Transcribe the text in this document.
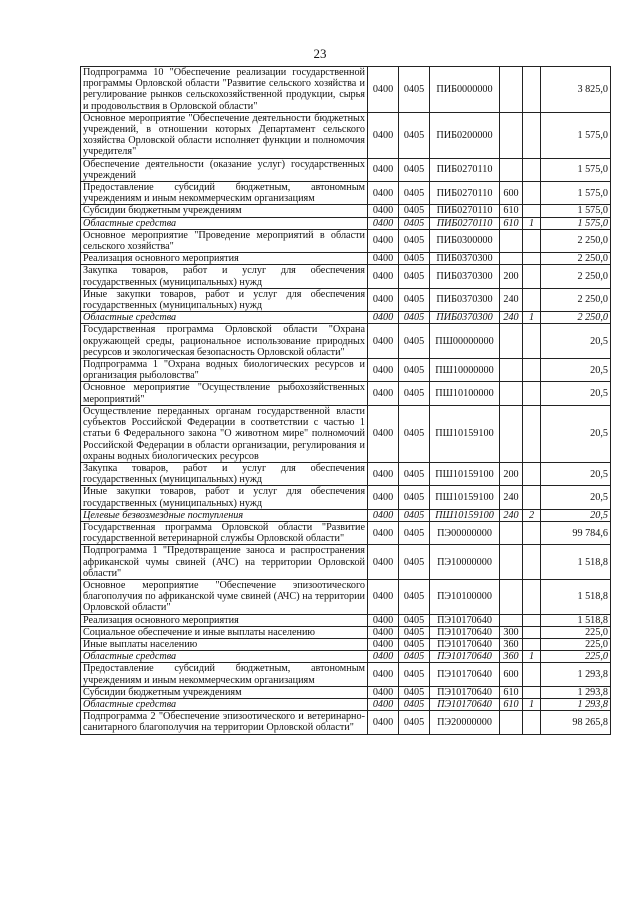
23
Подпрограмма 10 "Обеспечение реализации государственной программы Орловской области "Развитие сельского хозяйства и регулирование рынков сельскохозяйственной продукции, сырья и продовольствия в Орловской области"	0400	0405	ПИБ0000000			3 825,0
Основное мероприятие "Обеспечение деятельности бюджетных учреждений, в отношении которых Департамент сельского хозяйства Орловской области исполняет функции и полномочия учредителя"	0400	0405	ПИБ0200000			1 575,0
Обеспечение деятельности (оказание услуг) государственных учреждений	0400	0405	ПИБ0270110			1 575,0
Предоставление субсидий бюджетным, автономным учреждениям и иным некоммерческим организациям	0400	0405	ПИБ0270110	600		1 575,0
Субсидии бюджетным учреждениям	0400	0405	ПИБ0270110	610		1 575,0
Областные средства	0400	0405	ПИБ0270110	610	1	1 575,0
Основное мероприятие "Проведение мероприятий в области сельского хозяйства"	0400	0405	ПИБ0300000			2 250,0
Реализация основного мероприятия	0400	0405	ПИБ0370300			2 250,0
Закупка товаров, работ и услуг для обеспечения государственных (муниципальных) нужд	0400	0405	ПИБ0370300	200		2 250,0
Иные закупки товаров, работ и услуг для обеспечения государственных (муниципальных) нужд	0400	0405	ПИБ0370300	240		2 250,0
Областные средства	0400	0405	ПИБ0370300	240	1	2 250,0
Государственная программа Орловской области "Охрана окружающей среды, рациональное использование природных ресурсов и экологическая безопасность Орловской области"	0400	0405	ПШ00000000			20,5
Подпрограмма 1 "Охрана водных биологических ресурсов и организация рыболовства"	0400	0405	ПШ10000000			20,5
Основное мероприятие "Осуществление рыбохозяйственных мероприятий"	0400	0405	ПШ10100000			20,5
Осуществление переданных органам государственной власти субъектов Российской Федерации в соответствии с частью 1 статьи 6 Федерального закона "О животном мире" полномочий Российской Федерации в области организации, регулирования и охраны водных биологических ресурсов	0400	0405	ПШ10159100			20,5
Закупка товаров, работ и услуг для обеспечения государственных (муниципальных) нужд	0400	0405	ПШ10159100	200		20,5
Иные закупки товаров, работ и услуг для обеспечения государственных (муниципальных) нужд	0400	0405	ПШ10159100	240		20,5
Целевые безвозмездные поступления	0400	0405	ПШ10159100	240	2	20,5
Государственная программа Орловской области "Развитие государственной ветеринарной службы Орловской области"	0400	0405	ПЭ00000000			99 784,6
Подпрограмма 1 "Предотвращение заноса и распространения африканской чумы свиней (АЧС) на территории Орловской области"	0400	0405	ПЭ10000000			1 518,8
Основное мероприятие "Обеспечение эпизоотического благополучия по африканской чуме свиней (АЧС) на территории Орловской области"	0400	0405	ПЭ10100000			1 518,8
Реализация основного мероприятия	0400	0405	ПЭ10170640			1 518,8
Социальное обеспечение и иные выплаты населению	0400	0405	ПЭ10170640	300		225,0
Иные выплаты населению	0400	0405	ПЭ10170640	360		225,0
Областные средства	0400	0405	ПЭ10170640	360	1	225,0
Предоставление субсидий бюджетным, автономным учреждениям и иным некоммерческим организациям	0400	0405	ПЭ10170640	600		1 293,8
Субсидии бюджетным учреждениям	0400	0405	ПЭ10170640	610		1 293,8
Областные средства	0400	0405	ПЭ10170640	610	1	1 293,8
Подпрограмма 2 "Обеспечение эпизоотического и ветеринарно-санитарного благополучия на территории Орловской области"	0400	0405	ПЭ20000000			98 265,8
